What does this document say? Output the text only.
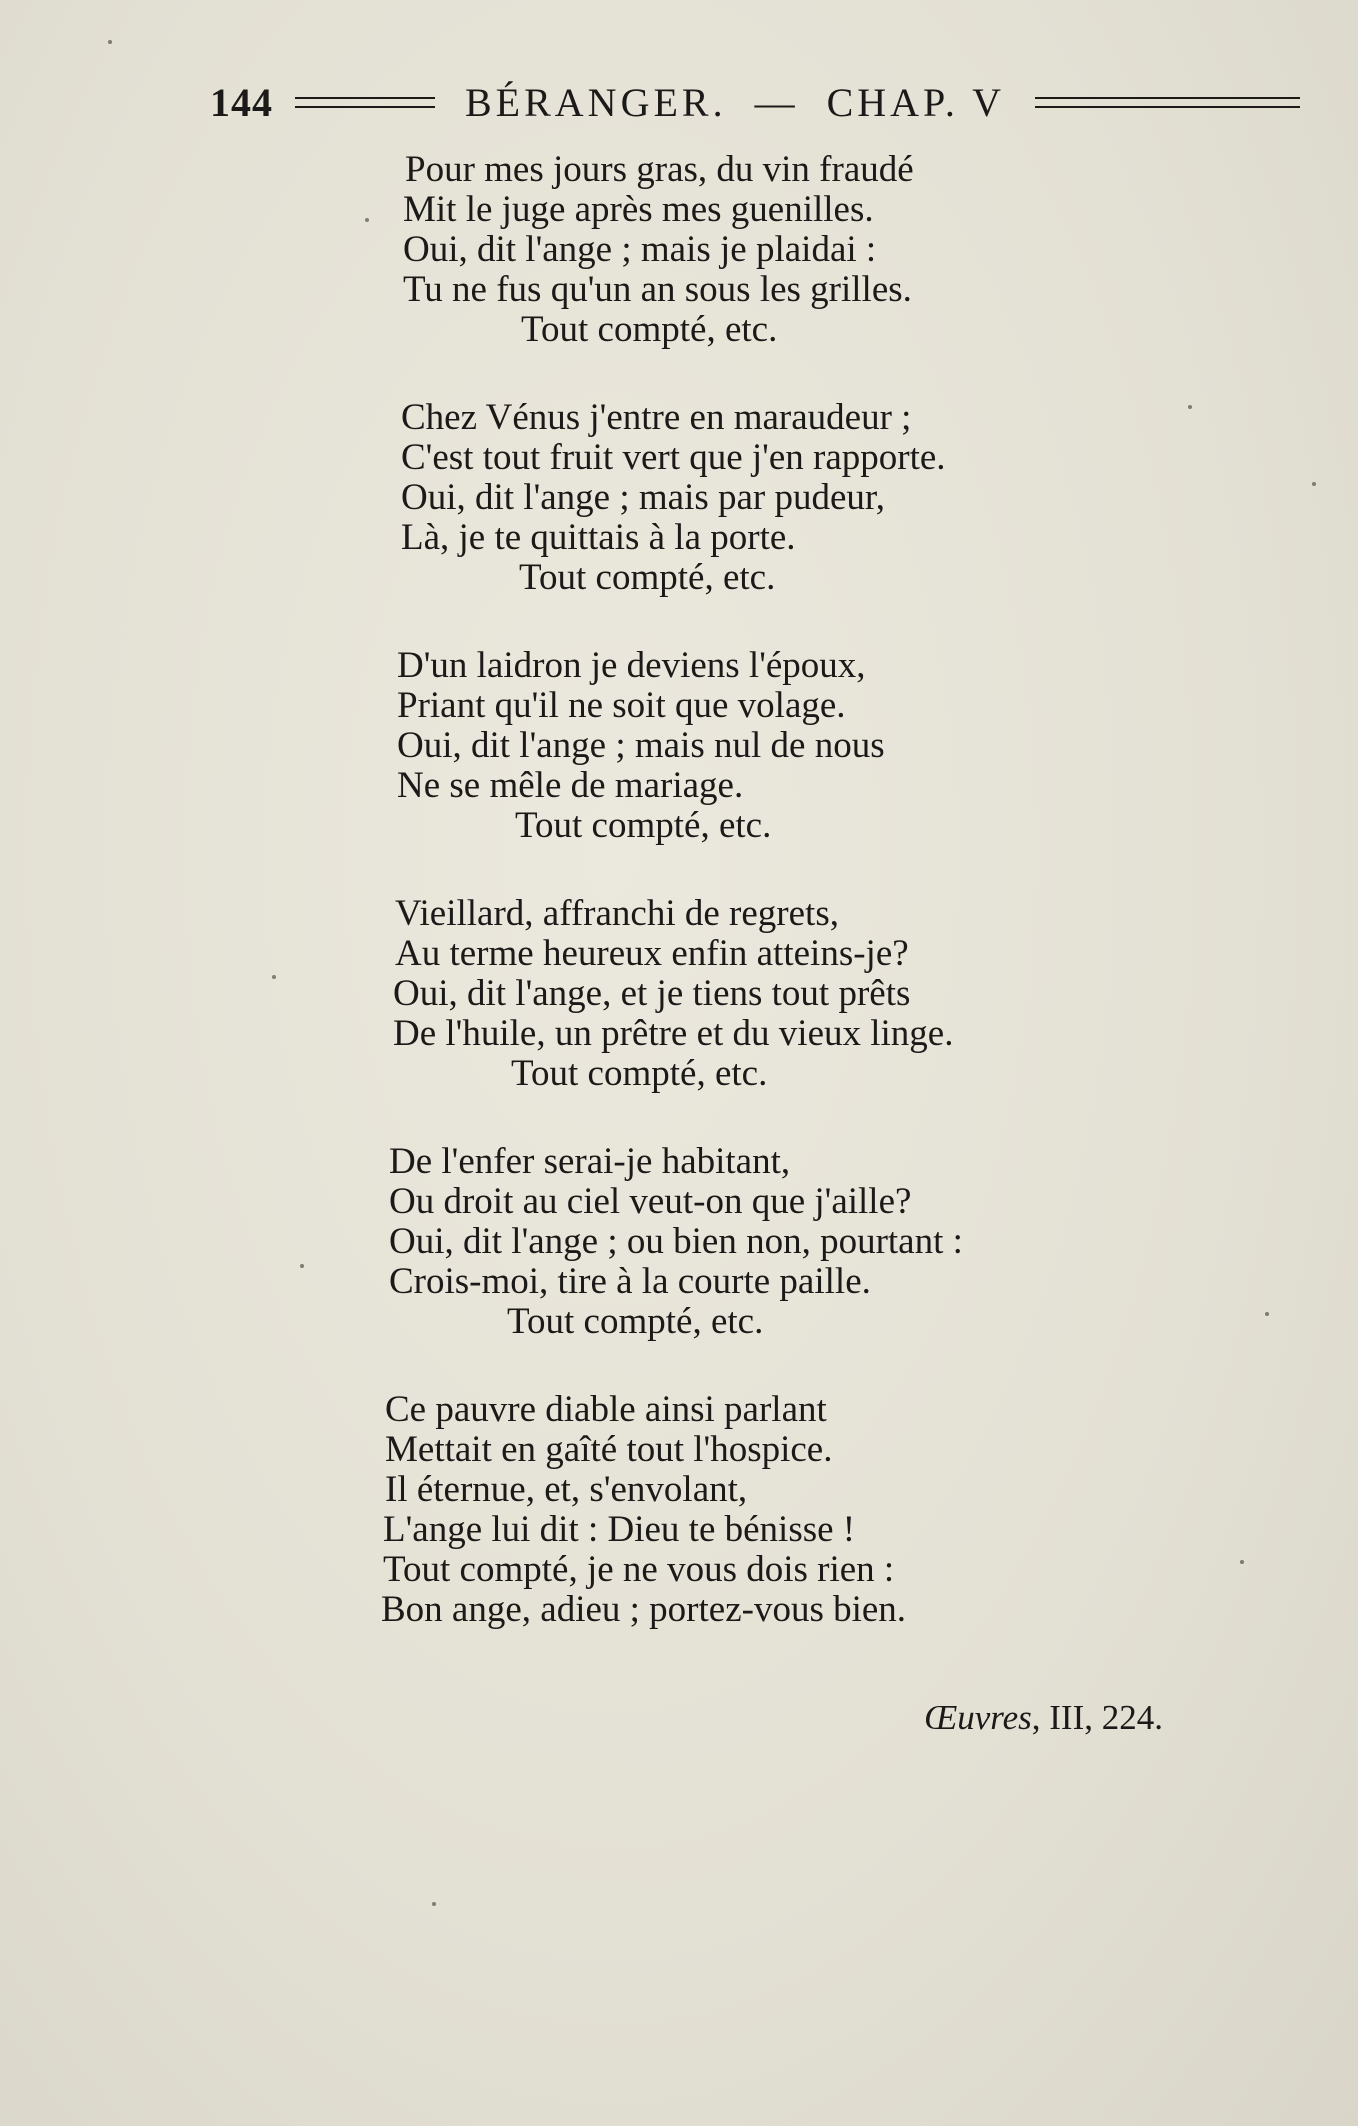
144	BÉRANGER.  —  CHAP. V
Pour mes jours gras, du vin fraudé
Mit le juge après mes guenilles.
Oui, dit l'ange ; mais je plaidai :
Tu ne fus qu'un an sous les grilles.
Tout compté, etc.
Chez Vénus j'entre en maraudeur ;
C'est tout fruit vert que j'en rapporte.
Oui, dit l'ange ; mais par pudeur,
Là, je te quittais à la porte.
Tout compté, etc.
D'un laidron je deviens l'époux,
Priant qu'il ne soit que volage.
Oui, dit l'ange ; mais nul de nous
Ne se mêle de mariage.
Tout compté, etc.
Vieillard, affranchi de regrets,
Au terme heureux enfin atteins-je?
Oui, dit l'ange, et je tiens tout prêts
De l'huile, un prêtre et du vieux linge.
Tout compté, etc.
De l'enfer serai-je habitant,
Ou droit au ciel veut-on que j'aille?
Oui, dit l'ange ; ou bien non, pourtant :
Crois-moi, tire à la courte paille.
Tout compté, etc.
Ce pauvre diable ainsi parlant
Mettait en gaîté tout l'hospice.
Il éternue, et, s'envolant,
L'ange lui dit : Dieu te bénisse !
Tout compté, je ne vous dois rien :
Bon ange, adieu ; portez-vous bien.
Œuvres, III, 224.
